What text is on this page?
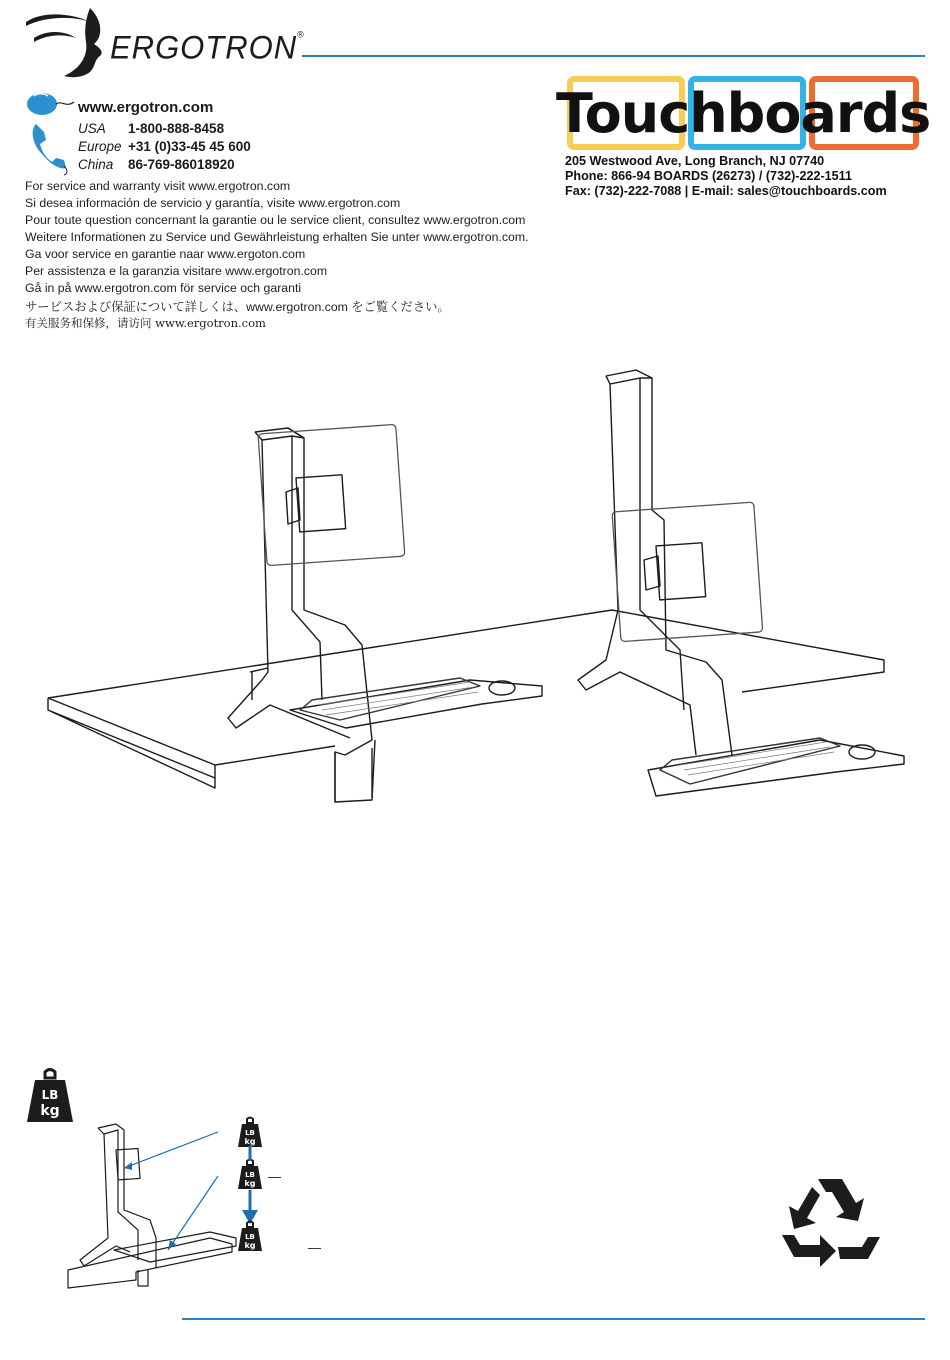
ERGOTRON®
www.ergotron.com
USA 1-800-888-8458
Europe +31 (0)33-45 45 600
China 86-769-86018920
For service and warranty visit www.ergotron.com
Si desea información de servicio y garantía, visite www.ergotron.com
Pour toute question concernant la garantie ou le service client, consultez www.ergotron.com
Weitere Informationen zu Service und Gewährleistung erhalten Sie unter www.ergotron.com.
Ga voor service en garantie naar www.ergoton.com
Per assistenza e la garanzia visitare www.ergotron.com
Gå in på www.ergotron.com för service och garanti
サービスおよび保証について詳しくは、www.ergotron.com をご覧ください。
有关服务和保修，请访问 www.ergotron.com
Touchboards
205 Westwood Ave, Long Branch, NJ 07740
Phone: 866-94 BOARDS (26273) / (732)-222-1511
Fax: (732)-222-7088 | E-mail: sales@touchboards.com
LB
kg
LB
kg
LB
kg
LB
kg
—
—
